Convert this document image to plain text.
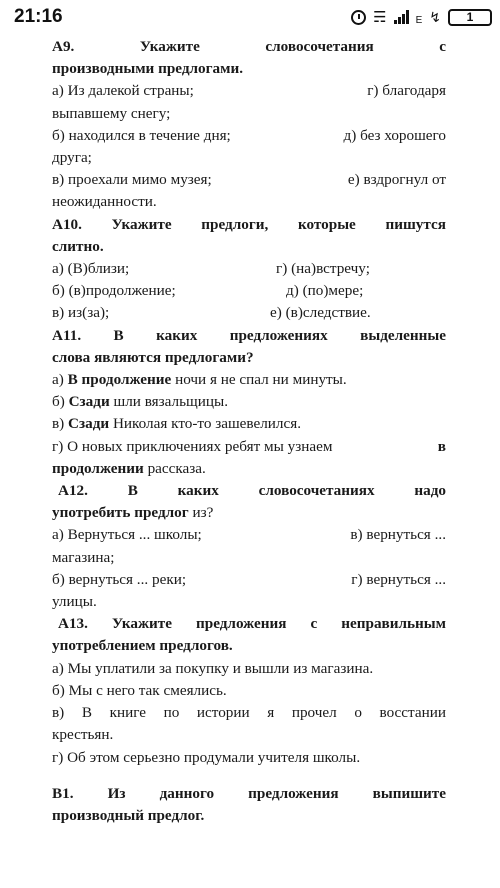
21:16	☴	E ↯ 1

А9. Укажите словосочетания с

производными предлогами.

а) Из далекой страны;	г) благодаря

выпавшему снегу;

б) находился в течение дня;	д) без хорошего

друга;

в) проехали мимо музея;	е) вздрогнул от

неожиданности.

А10. Укажите предлоги, которые пишутся

слитно.

а) (В)близи;	г) (на)встречу;
б) (в)продолжение;	д) (по)мере;
в) из(за);	е) (в)следствие.

А11. В каких предложениях выделенные

слова являются предлогами?

а) В продолжение ночи я не спал ни минуты.

б) Сзади шли вязальщицы.

в) Сзади Николая кто-то зашевелился.

г) О новых приключениях ребят мы узнаем	в

продолжении рассказа.

А12. В каких словосочетаниях надо

употребить предлог из?

а) Вернуться ... школы;	в) вернуться ...

магазина;

б) вернуться ... реки;	г) вернуться ...

улицы.

А13. Укажите предложения с неправильным

употреблением предлогов.

а) Мы уплатили за покупку и вышли из магазина.

б) Мы с него так смеялись.

в) В книге по истории я прочел о восстании

крестьян.

г) Об этом серьезно продумали учителя школы.

В1. Из данного предложения выпишите

производный предлог.
